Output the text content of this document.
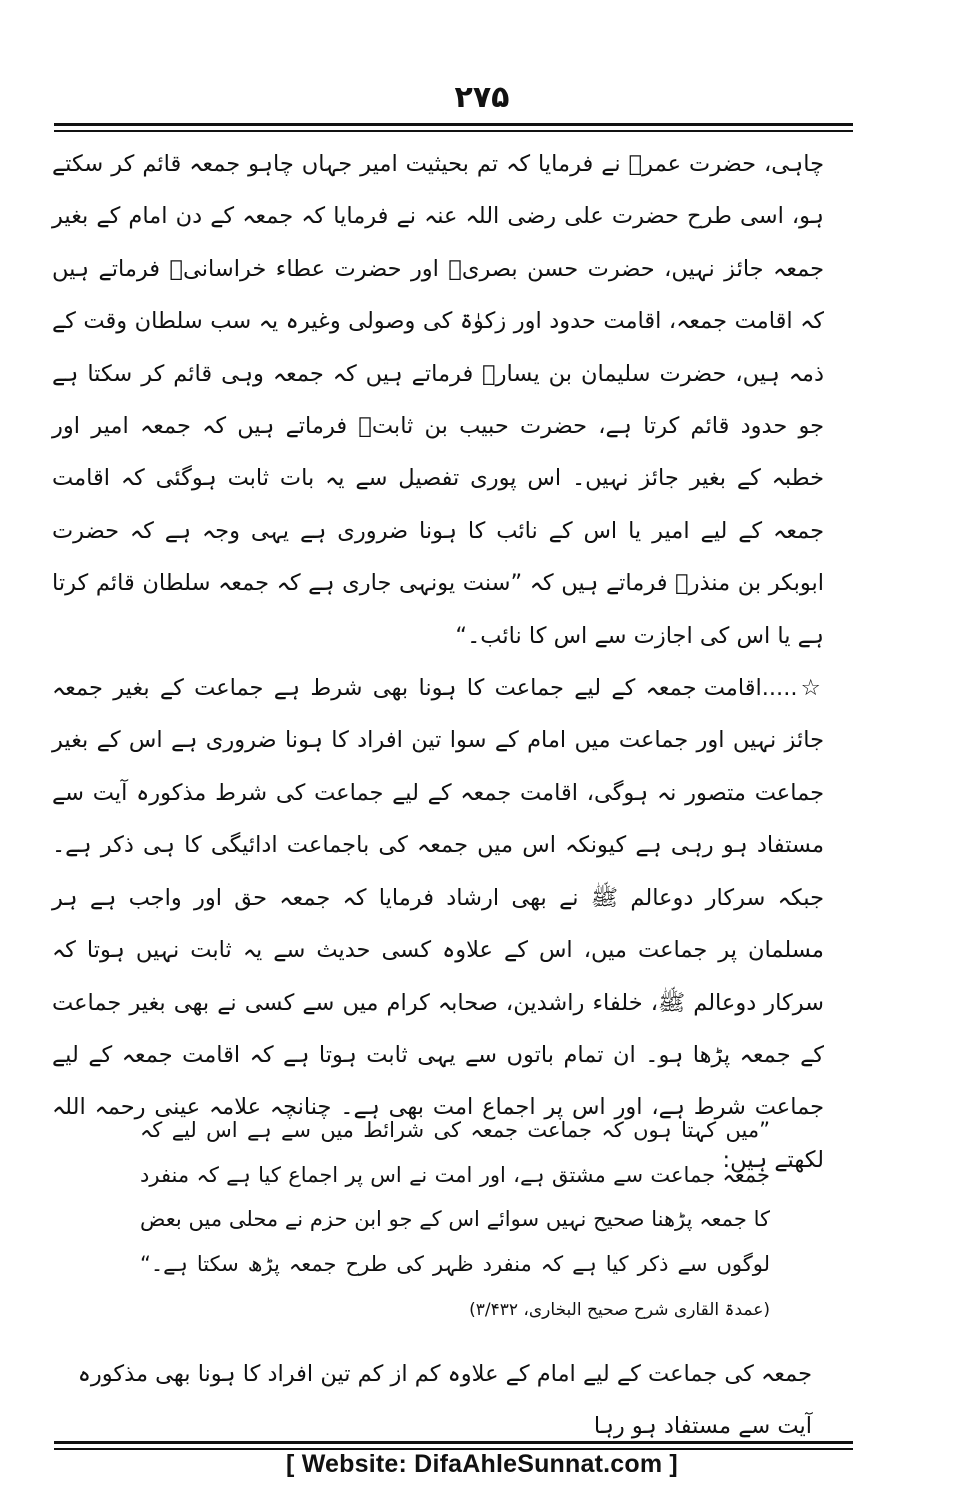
۲۷۵

چاہی، حضرت عمرؓ نے فرمایا کہ تم بحیثیت امیر جہاں چاہو جمعہ قائم کر سکتے ہو، اسی طرح حضرت علی رضی اللہ عنہ نے فرمایا کہ جمعہ کے دن امام کے بغیر جمعہ جائز نہیں، حضرت حسن بصریؒ اور حضرت عطاء خراسانیؒ فرماتے ہیں کہ اقامت جمعہ، اقامت حدود اور زکوٰۃ کی وصولی وغیرہ یہ سب سلطان وقت کے ذمہ ہیں، حضرت سلیمان بن یسارؒ فرماتے ہیں کہ جمعہ وہی قائم کر سکتا ہے جو حدود قائم کرتا ہے، حضرت حبیب بن ثابتؒ فرماتے ہیں کہ جمعہ امیر اور خطبہ کے بغیر جائز نہیں۔ اس پوری تفصیل سے یہ بات ثابت ہوگئی کہ اقامت جمعہ کے لیے امیر یا اس کے نائب کا ہونا ضروری ہے یہی وجہ ہے کہ حضرت ابوبکر بن منذرؒ فرماتے ہیں کہ ”سنت یونہی جاری ہے کہ جمعہ سلطان قائم کرتا ہے یا اس کی اجازت سے اس کا نائب۔“

☆.....اقامت جمعہ کے لیے جماعت کا ہونا بھی شرط ہے جماعت کے بغیر جمعہ جائز نہیں اور جماعت میں امام کے سوا تین افراد کا ہونا ضروری ہے اس کے بغیر جماعت متصور نہ ہوگی، اقامت جمعہ کے لیے جماعت کی شرط مذکورہ آیت سے مستفاد ہو رہی ہے کیونکہ اس میں جمعہ کی باجماعت ادائیگی کا ہی ذکر ہے۔ جبکہ سرکار دوعالم ﷺ نے بھی ارشاد فرمایا کہ جمعہ حق اور واجب ہے ہر مسلمان پر جماعت میں، اس کے علاوہ کسی حدیث سے یہ ثابت نہیں ہوتا کہ سرکار دوعالم ﷺ، خلفاء راشدین، صحابہ کرام میں سے کسی نے بھی بغیر جماعت کے جمعہ پڑھا ہو۔ ان تمام باتوں سے یہی ثابت ہوتا ہے کہ اقامت جمعہ کے لیے جماعت شرط ہے، اور اس پر اجماع امت بھی ہے۔ چنانچہ علامہ عینی رحمہ اللہ لکھتے ہیں:

”میں کہتا ہوں کہ جماعت جمعہ کی شرائط میں سے ہے اس لیے کہ جمعہ جماعت سے مشتق ہے، اور امت نے اس پر اجماع کیا ہے کہ منفرد کا جمعہ پڑھنا صحیح نہیں سوائے اس کے جو ابن حزم نے محلی میں بعض لوگوں سے ذکر کیا ہے کہ منفرد ظہر کی طرح جمعہ پڑھ سکتا ہے۔“ (عمدۃ القاری شرح صحیح البخاری، ۳/۴۳۲)

جمعہ کی جماعت کے لیے امام کے علاوہ کم از کم تین افراد کا ہونا بھی مذکورہ آیت سے مستفاد ہو رہا

[ Website: DifaAhleSunnat.com ]
